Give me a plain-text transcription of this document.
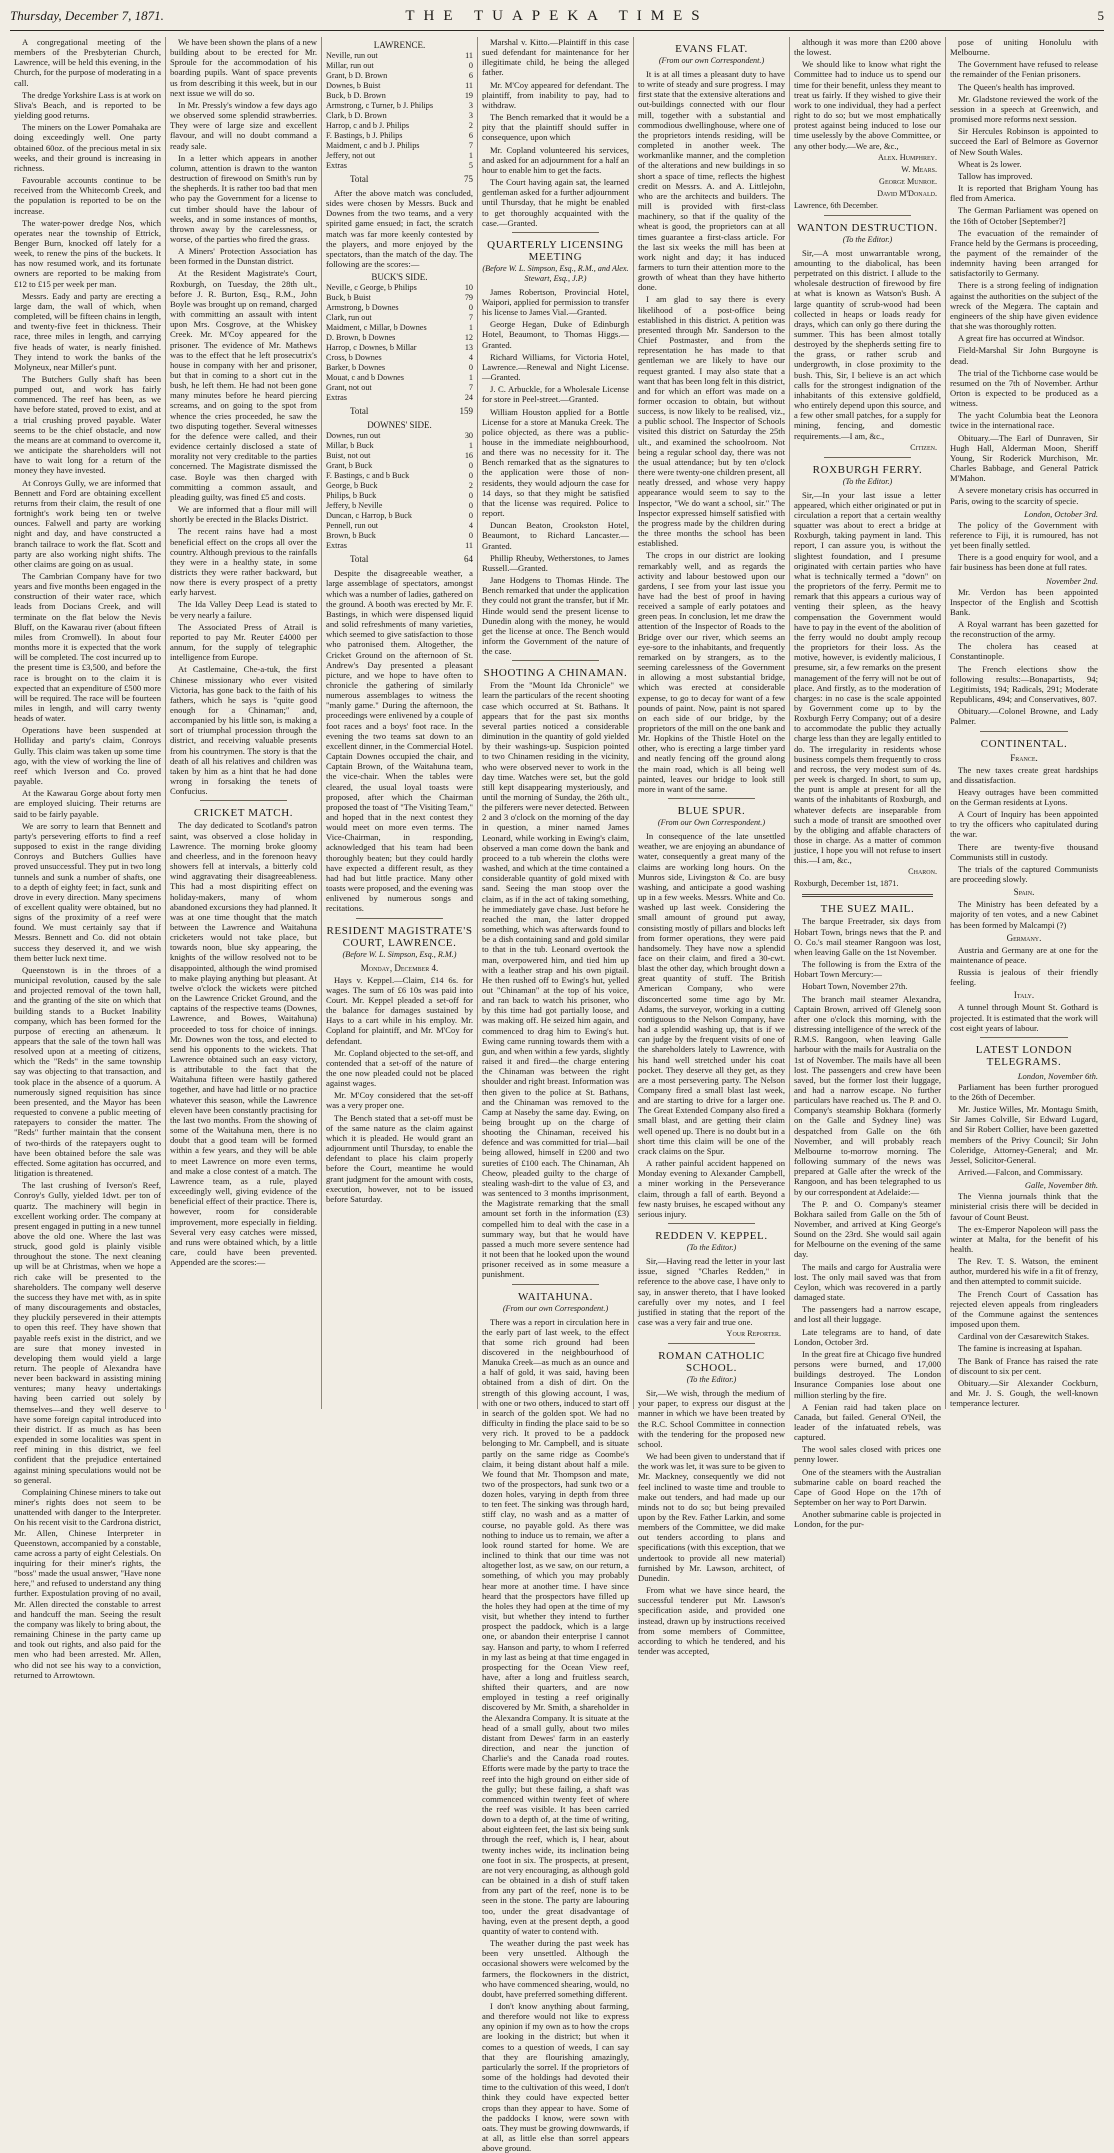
Thursday, December 7, 1871.	THE TUAPEKA TIMES	5

A congregational meeting of the members of the Presbyterian Church, Lawrence, will be held this evening, in the Church, for the purpose of moderating in a call.

The dredge Yorkshire Lass is at work on Sliva's Beach, and is reported to be yielding good returns.

The miners on the Lower Pomahaka are doing exceedingly well. One party obtained 60oz. of the precious metal in six weeks, and their ground is increasing in richness.

Favourable accounts continue to be received from the Whitecomb Creek, and the population is reported to be on the increase.

The water-power dredge Nos, which operates near the township of Ettrick, Benger Burn, knocked off lately for a week, to renew the pins of the buckets. It has now resumed work, and its fortunate owners are reported to be making from £12 to £15 per week per man.

Messrs. Eady and party are erecting a large dam, the wall of which, when completed, will be fifteen chains in length, and twenty-five feet in thickness. Their race, three miles in length, and carrying five heads of water, is nearly finished. They intend to work the banks of the Molyneux, near Miller's punt.

The Butchers Gully shaft has been pumped out, and work has fairly commenced. The reef has been, as we have before stated, proved to exist, and at a trial crushing proved payable. Water seems to be the chief obstacle, and now the means are at command to overcome it, we anticipate the shareholders will not have to wait long for a return of the money they have invested.

At Conroys Gully, we are informed that Bennett and Ford are obtaining excellent returns from their claim, the result of one fortnight's work being ten or twelve ounces. Falwell and party are working night and day, and have constructed a branch tailrace to work the flat. Scott and party are also working night shifts. The other claims are going on as usual.

The Cambrian Company have for two years and five months been engaged in the construction of their water race, which leads from Docians Creek, and will terminate on the flat below the Nevis Bluff, on the Kawarau river (about fifteen miles from Cromwell). In about four months more it is expected that the work will be completed. The cost incurred up to the present time is £3,500, and before the race is brought on to the claim it is expected that an expenditure of £500 more will be required. The race will be fourteen miles in length, and will carry twenty heads of water.

Operations have been suspended at Holliday and party's claim, Conroys Gully. This claim was taken up some time ago, with the view of working the line of reef which Iverson and Co. proved payable.

At the Kawarau Gorge about forty men are employed sluicing. Their returns are said to be fairly payable.

We are sorry to learn that Bennett and party's persevering efforts to find a reef supposed to exist in the range dividing Conroys and Butchers Gullies have proved unsuccessful. They put in two long tunnels and sunk a number of shafts, one to a depth of eighty feet; in fact, sunk and drove in every direction. Many specimens of excellent quality were obtained, but no signs of the proximity of a reef were found. We must certainly say that if Messrs. Bennett and Co. did not obtain success they deserved it, and we wish them better luck next time.

Queenstown is in the throes of a municipal revolution, caused by the sale and projected removal of the town hall, and the granting of the site on which that building stands to a Bucket Inability company, which has been formed for the purpose of erecting an athenæum. It appears that the sale of the town hall was resolved upon at a meeting of citizens, which the "Reds" in the same township say was objecting to that transaction, and took place in the absence of a quorum. A numerously signed requisition has since been presented, and the Mayor has been requested to convene a public meeting of ratepayers to consider the matter. The "Reds" further maintain that the consent of two-thirds of the ratepayers ought to have been obtained before the sale was effected. Some agitation has occurred, and litigation is threatened.

The last crushing of Iverson's Reef, Conroy's Gully, yielded 1dwt. per ton of quartz. The machinery will begin in excellent working order. The company at present engaged in putting in a new tunnel above the old one. Where the last was struck, good gold is plainly visible throughout the stone. The next cleaning up will be at Christmas, when we hope a rich cake will be presented to the shareholders. The company well deserve the success they have met with, as in spite of many discouragements and obstacles, they pluckily persevered in their attempts to open this reef. They have shown that payable reefs exist in the district, and we are sure that money invested in developing them would yield a large return. The people of Alexandra have never been backward in assisting mining ventures; many heavy undertakings having been carried out solely by themselves—and they well deserve to have some foreign capital introduced into their district. If as much as has been expended in some localities was spent in reef mining in this district, we feel confident that the prejudice entertained against mining speculations would not be so general.

Complaining Chinese miners to take out miner's rights does not seem to be unattended with danger to the Interpreter. On his recent visit to the Cardrona district, Mr. Allen, Chinese Interpreter in Queenstown, accompanied by a constable, came across a party of eight Celestials. On inquiring for their miner's rights, the "boss" made the usual answer, "Have none here," and refused to understand any thing further. Expostulation proving of no avail, Mr. Allen directed the constable to arrest and handcuff the man. Seeing the result the company was likely to bring about, the remaining Chinese in the party came up and took out rights, and also paid for the men who had been arrested. Mr. Allen, who did not see his way to a conviction, returned to Arrowtown.

We have been shown the plans of a new building about to be erected for Mr. Sproule for the accommodation of his boarding pupils. Want of space prevents us from describing it this week, but in our next issue we will do so.

In Mr. Pressly's window a few days ago we observed some splendid strawberries. They were of large size and excellent flavour, and will no doubt command a ready sale.

In a letter which appears in another column, attention is drawn to the wanton destruction of firewood on Smith's run by the shepherds. It is rather too bad that men who pay the Government for a license to cut timber should have the labour of weeks, and in some instances of months, thrown away by the carelessness, or worse, of the parties who fired the grass.

A Miners' Protection Association has been formed in the Dunstan district.

At the Resident Magistrate's Court, Roxburgh, on Tuesday, the 28th ult., before J. R. Burton, Esq., R.M., John Boyle was brought up on remand, charged with committing an assault with intent upon Mrs. Cosgrove, at the Whiskey Creek. Mr. M'Coy appeared for the prisoner. The evidence of Mr. Mathews was to the effect that he left prosecutrix's house in company with her and prisoner, but that in coming to a short cut in the bush, he left them. He had not been gone many minutes before he heard piercing screams, and on going to the spot from whence the cries proceeded, he saw the two disputing together. Several witnesses for the defence were called, and their evidence certainly disclosed a state of morality not very creditable to the parties concerned. The Magistrate dismissed the case. Boyle was then charged with committing a common assault, and pleading guilty, was fined £5 and costs.

We are informed that a flour mill will shortly be erected in the Blacks District.

The recent rains have had a most beneficial effect on the crops all over the country. Although previous to the rainfalls they were in a healthy state, in some districts they were rather backward, but now there is every prospect of a pretty early harvest.

The Ida Valley Deep Lead is stated to be very nearly a failure.

The Associated Press of Atrail is reported to pay Mr. Reuter £4000 per annum, for the supply of telegraphic intelligence from Europe.

At Castlemaine, Che-a-tuk, the first Chinese missionary who ever visited Victoria, has gone back to the faith of his fathers, which he says is "quite good enough for a Chinaman;" and, accompanied by his little son, is making a sort of triumphal procession through the district, and receiving valuable presents from his countrymen. The story is that the death of all his relatives and children was taken by him as a hint that he had done wrong in forsaking the tenets of Confucius.

CRICKET MATCH.

The day dedicated to Scotland's patron saint, was observed a close holiday in Lawrence. The morning broke gloomy and cheerless, and in the forenoon heavy showers fell at intervals, a bitterly cold wind aggravating their disagreeableness. This had a most dispiriting effect on holiday-makers, many of whom abandoned excursions they had planned. It was at one time thought that the match between the Lawrence and Waitahuna cricketers would not take place, but towards noon, blue sky appearing, the knights of the willow resolved not to be disappointed, although the wind promised to make playing anything but pleasant. At twelve o'clock the wickets were pitched on the Lawrence Cricket Ground, and the captains of the respective teams (Downes, Lawrence, and Bowes, Waitahuna) proceeded to toss for choice of innings. Mr. Downes won the toss, and elected to send his opponents to the wickets. That Lawrence obtained such an easy victory, is attributable to the fact that the Waitahuna fifteen were hastily gathered together, and have had little or no practice whatever this season, while the Lawrence eleven have been constantly practising for the last two months. From the showing of some of the Waitahuna men, there is no doubt that a good team will be formed within a few years, and they will be able to meet Lawrence on more even terms, and make a close contest of a match. The Lawrence team, as a rule, played exceedingly well, giving evidence of the beneficial effect of their practice. There is, however, room for considerable improvement, more especially in fielding. Several very easy catches were missed, and runs were obtained which, by a little care, could have been prevented. Appended are the scores:—

LAWRENCE.
Neville, run out	11
Millar, run out	0
Grant, b D. Brown	6
Downes, b Buist	11
Buck, b D. Brown	19
Armstrong, c Turner, b J. Philips	3
Clark, b D. Brown	3
Harrop, c and b J. Philips	2
F. Bastings, b J. Philips	6
Maidment, c and b J. Philips	7
Jeffery, not out	1
Extras	5
Total	75

After the above match was concluded, sides were chosen by Messrs. Buck and Downes from the two teams, and a very spirited game ensued; in fact, the scratch match was far more keenly contested by the players, and more enjoyed by the spectators, than the match of the day. The following are the scores:—

BUCK'S SIDE.
Neville, c George, b Philips	10
Buck, b Buist	79
Armstrong, b Downes	0
Clark, run out	7
Maidment, c Millar, b Downes	1
D. Brown, b Downes	12
Harrop, c Downes, b Millar	13
Cross, b Downes	4
Barker, b Downes	0
Mouat, c and b Downes	1
Grant, not out	7
Extras	24
Total	159
DOWNES' SIDE.
Downes, run out	30
Millar, b Buck	1
Buist, not out	16
Grant, b Buck	0
F. Bastings, c and b Buck	0
George, b Buck	2
Philips, b Buck	0
Jeffery, b Neville	0
Duncan, c Harrop, b Buck	0
Pennell, run out	4
Brown, b Buck	0
Extras	11
Total	64

Despite the disagreeable weather, a large assemblage of spectators, amongst which was a number of ladies, gathered on the ground. A booth was erected by Mr. F. Bastings, in which were dispensed liquid and solid refreshments of many varieties, which seemed to give satisfaction to those who patronised them. Altogether, the Cricket Ground on the afternoon of St. Andrew's Day presented a pleasant picture, and we hope to have often to chronicle the gathering of similarly numerous assemblages to witness the "manly game." During the afternoon, the proceedings were enlivened by a couple of foot races and a boys' foot race. In the evening the two teams sat down to an excellent dinner, in the Commercial Hotel. Captain Downes occupied the chair, and Captain Brown, of the Waitahuna team, the vice-chair. When the tables were cleared, the usual loyal toasts were proposed, after which the Chairman proposed the toast of "The Visiting Team," and hoped that in the next contest they would meet on more even terms. The Vice-Chairman, in responding, acknowledged that his team had been thoroughly beaten; but they could hardly have expected a different result, as they had had but little practice. Many other toasts were proposed, and the evening was enlivened by numerous songs and recitations.

RESIDENT MAGISTRATE'S COURT, LAWRENCE.
(Before W. L. Simpson, Esq., R.M.)
Monday, December 4.

Hays v. Keppel.—Claim, £14 6s. for wages. The sum of £6 10s was paid into Court. Mr. Keppel pleaded a set-off for the balance for damages sustained by Hays to a cart while in his employ. Mr. Copland for plaintiff, and Mr. M'Coy for defendant.

Mr. Copland objected to the set-off, and contended that a set-off of the nature of the one now pleaded could not be placed against wages.

Mr. M'Coy considered that the set-off was a very proper one.

The Bench stated that a set-off must be of the same nature as the claim against which it is pleaded. He would grant an adjournment until Thursday, to enable the defendant to place his claim properly before the Court, meantime he would grant judgment for the amount with costs, execution, however, not to be issued before Saturday.

Marshal v. Kitto.—Plaintiff in this case sued defendant for maintenance for her illegitimate child, he being the alleged father.

Mr. M'Coy appeared for defendant. The plaintiff, from inability to pay, had to withdraw.

The Bench remarked that it would be a pity that the plaintiff should suffer in consequence, upon which

Mr. Copland volunteered his services, and asked for an adjournment for a half an hour to enable him to get the facts.

The Court having again sat, the learned gentleman asked for a further adjournment until Thursday, that he might be enabled to get thoroughly acquainted with the case.—Granted.

QUARTERLY LICENSING MEETING
(Before W. L. Simpson, Esq., R.M., and Alex. Stewart, Esq., J.P.)

James Robertson, Provincial Hotel, Waipori, applied for permission to transfer his license to James Vial.—Granted.

George Hegan, Duke of Edinburgh Hotel, Beaumont, to Thomas Higgs.—Granted.

Richard Williams, for Victoria Hotel, Lawrence.—Renewal and Night License.—Granted.

J. C. Arbuckle, for a Wholesale License for store in Peel-street.—Granted.

William Houston applied for a Bottle License for a store at Manuka Creek. The police objected, as there was a public-house in the immediate neighbourhood, and there was no necessity for it. The Bench remarked that as the signatures to the application were those of non-residents, they would adjourn the case for 14 days, so that they might be satisfied that the license was required. Police to report.

Duncan Beaton, Crookston Hotel, Beaumont, to Richard Lancaster.—Granted.

Phillip Rheuby, Wetherstones, to James Russell.—Granted.

Jane Hodgens to Thomas Hinde. The Bench remarked that under the application they could not grant the transfer, but if Mr. Hinde would send the present license to Dunedin along with the money, he would get the license at once. The Bench would inform the Government of the nature of the case.

SHOOTING A CHINAMAN.

From the "Mount Ida Chronicle" we learn the particulars of the recent shooting case which occurred at St. Bathans. It appears that for the past six months several parties noticed a considerable diminution in the quantity of gold yielded by their washings-up. Suspicion pointed to two Chinamen residing in the vicinity, who were observed never to work in the day time. Watches were set, but the gold still kept disappearing mysteriously, and until the morning of Sunday, the 26th ult., the pilferers were never detected. Between 2 and 3 o'clock on the morning of the day in question, a miner named James Leonard, while working in Ewing's claim, observed a man come down the bank and proceed to a tub wherein the cloths were washed, and which at the time contained a considerable quantity of gold mixed with sand. Seeing the man stoop over the claim, as if in the act of taking something, he immediately gave chase. Just before he reached the man, the latter dropped something, which was afterwards found to be a dish containing sand and gold similar to that in the tub. Leonard overtook the man, overpowered him, and tied him up with a leather strap and his own pigtail. He then rushed off to Ewing's hut, yelled out "Chinaman" at the top of his voice, and ran back to watch his prisoner, who by this time had got partially loose, and was making off. He seized him again, and commenced to drag him to Ewing's hut. Ewing came running towards them with a gun, and when within a few yards, slightly raised it and fired—the charge entering the Chinaman was between the right shoulder and right breast. Information was then given to the police at St. Bathans, and the Chinaman was removed to the Camp at Naseby the same day. Ewing, on being brought up on the charge of shooting the Chinaman, received his defence and was committed for trial—bail being allowed, himself in £200 and two sureties of £100 each. The Chinaman, Ah Cheow, pleaded guilty to the charge of stealing wash-dirt to the value of £3, and was sentenced to 3 months imprisonment, the Magistrate remarking that the small amount set forth in the information (£3) compelled him to deal with the case in a summary way, but that he would have passed a much more severe sentence had it not been that he looked upon the wound prisoner received as in some measure a punishment.

WAITAHUNA.
(From our own Correspondent.)

There was a report in circulation here in the early part of last week, to the effect that some rich ground had been discovered in the neighbourhood of Manuka Creek—as much as an ounce and a half of gold, it was said, having been obtained from a dish of dirt. On the strength of this glowing account, I was, with one or two others, induced to start off in search of the golden spot. We had no difficulty in finding the place said to be so very rich. It proved to be a paddock belonging to Mr. Campbell, and is situate partly on the same ridge as Coombe's claim, it being distant about half a mile. We found that Mr. Thompson and mate, two of the prospectors, had sunk two or a dozen holes, varying in depth from three to ten feet. The sinking was through hard, stiff clay, no wash and as a matter of course, no payable gold. As there was nothing to induce us to remain, we after a look round started for home. We are inclined to think that our time was not altogether lost, as we saw, on our return, a something, of which you may probably hear more at another time. I have since heard that the prospectors have filled up the holes they had open at the time of my visit, but whether they intend to further prospect the paddock, which is a large one, or abandon their enterprise I cannot say. Hanson and party, to whom I referred in my last as being at that time engaged in prospecting for the Ocean View reef, have, after a long and fruitless search, shifted their quarters, and are now employed in testing a reef originally discovered by Mr. Smith, a shareholder in the Alexandra Company. It is situate at the head of a small gully, about two miles distant from Dewes' farm in an easterly direction, and near the junction of Charlie's and the Canada road routes. Efforts were made by the party to trace the reef into the high ground on either side of the gully; but these failing, a shaft was commenced within twenty feet of where the reef was visible. It has been carried down to a depth of, at the time of writing, about eighteen feet, the last six being sunk through the reef, which is, I hear, about twenty inches wide, its inclination being one foot in six. The prospects, at present, are not very encouraging, as although gold can be obtained in a dish of stuff taken from any part of the reef, none is to be seen in the stone. The party are labouring too, under the great disadvantage of having, even at the present depth, a good quantity of water to contend with.

The weather during the past week has been very unsettled. Although the occasional showers were welcomed by the farmers, the flockowners in the district, who have commenced shearing, would, no doubt, have preferred something different.

I don't know anything about farming, and therefore would not like to express any opinion if my own as to how the crops are looking in the district; but when it comes to a question of weeds, I can say that they are flourishing amazingly, particularly the sorrel. If the proprietors of some of the holdings had devoted their time to the cultivation of this weed, I don't think they could have expected better crops than they appear to have. Some of the paddocks I know, were sown with oats. They must be growing downwards, if at all, as little else than sorrel appears above ground.

EVANS FLAT.
(From our own Correspondent.)

It is at all times a pleasant duty to have to write of steady and sure progress. I may first state that the extensive alterations and out-buildings connected with our flour mill, together with a substantial and commodious dwellinghouse, where one of the proprietors intends residing, will be completed in another week. The workmanlike manner, and the completion of the alterations and new buildings in so short a space of time, reflects the highest credit on Messrs. A. and A. Littlejohn, who are the architects and builders. The mill is provided with first-class machinery, so that if the quality of the wheat is good, the proprietors can at all times guarantee a first-class article. For the last six weeks the mill has been at work night and day; it has induced farmers to turn their attention more to the growth of wheat than they have hitherto done.

I am glad to say there is every likelihood of a post-office being established in this district. A petition was presented through Mr. Sanderson to the Chief Postmaster, and from the representation he has made to that gentleman we are likely to have our request granted. I may also state that a want that has been long felt in this district, and for which an effort was made on a former occasion to obtain, but without success, is now likely to be realised, viz., a public school. The Inspector of Schools visited this district on Saturday the 25th ult., and examined the schoolroom. Not being a regular school day, there was not the usual attendance; but by ten o'clock there were twenty-one children present, all neatly dressed, and whose very happy appearance would seem to say to the Inspector, "We do want a school, sir." The Inspector expressed himself satisfied with the progress made by the children during the three months the school has been established.

The crops in our district are looking remarkably well, and as regards the activity and labour bestowed upon our gardens, I see from your last issue you have had the best of proof in having received a sample of early potatoes and green peas. In conclusion, let me draw the attention of the Inspector of Roads to the Bridge over our river, which seems an eye-sore to the inhabitants, and frequently remarked on by strangers, as to the seeming carelessness of the Government in allowing a most substantial bridge, which was erected at considerable expense, to go to decay for want of a few pounds of paint. Now, paint is not spared on each side of our bridge, by the proprietors of the mill on the one bank and Mr. Hopkins of the Thistle Hotel on the other, who is erecting a large timber yard and neatly fencing off the ground along the main road, which is all being well painted, leaves our bridge to look still more in want of the same.

BLUE SPUR.
(From our Own Correspondent.)

In consequence of the late unsettled weather, we are enjoying an abundance of water, consequently a great many of the claims are working long hours. On the Munros side, Livingston & Co. are busy washing, and anticipate a good washing up in a few weeks. Messrs. White and Co. washed up last week. Considering the small amount of ground put away, consisting mostly of pillars and blocks left from former operations, they were paid handsomely. They have now a splendid face on their claim, and fired a 30-cwt. blast the other day, which brought down a great quantity of stuff. The British American Company, who were disconcerted some time ago by Mr. Adams, the surveyor, working in a cutting contiguous to the Nelson Company, have had a splendid washing up, that is if we can judge by the frequent visits of one of the shareholders lately to Lawrence, with his hand well stretched under his coat pocket. They deserve all they get, as they are a most persevering party. The Nelson Company fired a small blast last week, and are starting to drive for a larger one. The Great Extended Company also fired a small blast, and are getting their claim well opened up. There is no doubt but in a short time this claim will be one of the crack claims on the Spur.

A rather painful accident happened on Monday evening to Alexander Campbell, a miner working in the Perseverance claim, through a fall of earth. Beyond a few nasty bruises, he escaped without any serious injury.

REDDEN V. KEPPEL.
(To the Editor.)

Sir,—Having read the letter in your last issue, signed "Charles Redden," in reference to the above case, I have only to say, in answer thereto, that I have looked carefully over my notes, and I feel justified in stating that the report of the case was a very fair and true one.

Your Reporter.
ROMAN CATHOLIC SCHOOL.
(To the Editor.)

Sir,—We wish, through the medium of your paper, to express our disgust at the manner in which we have been treated by the R.C. School Committee in connection with the tendering for the proposed new school.

We had been given to understand that if the work was let, it was sure to be given to Mr. Mackney, consequently we did not feel inclined to waste time and trouble to make out tenders, and had made up our minds not to do so; but being prevailed upon by the Rev. Father Larkin, and some members of the Committee, we did make out tenders according to plans and specifications (with this exception, that we undertook to provide all new material) furnished by Mr. Lawson, architect, of Dunedin.

From what we have since heard, the successful tenderer put Mr. Lawson's specification aside, and provided one instead, drawn up by instructions received from some members of Committee, according to which he tendered, and his tender was accepted,

although it was more than £200 above the lowest.

We should like to know what right the Committee had to induce us to spend our time for their benefit, unless they meant to treat us fairly. If they wished to give their work to one individual, they had a perfect right to do so; but we most emphatically protest against being induced to lose our time uselessly by the above Committee, or any other body.—We are, &c.,

Alex. Humphrey.
W. Mears.
George Munroe.
David M'Donald.
Lawrence, 6th December.
WANTON DESTRUCTION.
(To the Editor.)

Sir,—A most unwarrantable wrong, amounting to the diabolical, has been perpetrated on this district. I allude to the wholesale destruction of firewood by fire at what is known as Watson's Bush. A large quantity of scrub-wood had been collected in heaps or loads ready for drays, which can only go there during the summer. This has been almost totally destroyed by the shepherds setting fire to the grass, or rather scrub and undergrowth, in close proximity to the bush. This, Sir, I believe is an act which calls for the strongest indignation of the inhabitants of this extensive goldfield, who entirely depend upon this source, and a few other small patches, for a supply for mining, fencing, and domestic requirements.—I am, &c.,

Citizen.
ROXBURGH FERRY.
(To the Editor.)

Sir,—In your last issue a letter appeared, which either originated or put in circulation a report that a certain wealthy squatter was about to erect a bridge at Roxburgh, taking payment in land. This report, I can assure you, is without the slightest foundation, and I presume originated with certain parties who have what is technically termed a "down" on the proprietors of the ferry. Permit me to remark that this appears a curious way of venting their spleen, as the heavy compensation the Government would have to pay in the event of the abolition of the ferry would no doubt amply recoup the proprietors for their loss. As the motive, however, is evidently malicious, I presume, sir, a few remarks on the present management of the ferry will not be out of place. And firstly, as to the moderation of charges: in no case is the scale appointed by Government come up to by the Roxburgh Ferry Company; out of a desire to accommodate the public they actually charge less than they are legally entitled to do. The irregularity in residents whose business compels them frequently to cross and recross, the very modest sum of 4s. per week is charged. In short, to sum up, the punt is ample at present for all the wants of the inhabitants of Roxburgh, and whatever defects are inseparable from such a mode of transit are smoothed over by the obliging and affable characters of those in charge. As a matter of common justice, I hope you will not refuse to insert this.—I am, &c.,

Charon.
Roxburgh, December 1st, 1871.
THE SUEZ MAIL.

The barque Freetrader, six days from Hobart Town, brings news that the P. and O. Co.'s mail steamer Rangoon was lost, when leaving Galle on the 1st November.

The following is from the Extra of the Hobart Town Mercury:—

Hobart Town, November 27th.

The branch mail steamer Alexandra, Captain Brown, arrived off Glenelg soon after one o'clock this morning, with the distressing intelligence of the wreck of the R.M.S. Rangoon, when leaving Galle harbour with the mails for Australia on the 1st of November. The mails have all been lost. The passengers and crew have been saved, but the former lost their luggage, and had a narrow escape. No further particulars have reached us. The P. and O. Company's steamship Bokhara (formerly on the Galle and Sydney line) was despatched from Galle on the 6th November, and will probably reach Melbourne to-morrow morning. The following summary of the news was prepared at Galle after the wreck of the Rangoon, and has been telegraphed to us by our correspondent at Adelaide:—

The P. and O. Company's steamer Bokhara sailed from Galle on the 5th of November, and arrived at King George's Sound on the 23rd. She would sail again for Melbourne on the evening of the same day.

The mails and cargo for Australia were lost. The only mail saved was that from Ceylon, which was recovered in a partly damaged state.

The passengers had a narrow escape, and lost all their luggage.

Late telegrams are to hand, of date London, October 3rd.

In the great fire at Chicago five hundred persons were burned, and 17,000 buildings destroyed. The London Insurance Companies lose about one million sterling by the fire.

A Fenian raid had taken place on Canada, but failed. General O'Neil, the leader of the infatuated rebels, was captured.

The wool sales closed with prices one penny lower.

One of the steamers with the Australian submarine cable on board reached the Cape of Good Hope on the 17th of September on her way to Port Darwin.

Another submarine cable is projected in London, for the pur-

pose of uniting Honolulu with Melbourne.

The Government have refused to release the remainder of the Fenian prisoners.

The Queen's health has improved.

Mr. Gladstone reviewed the work of the session in a speech at Greenwich, and promised more reforms next session.

Sir Hercules Robinson is appointed to succeed the Earl of Belmore as Governor of New South Wales.

Wheat is 2s lower.

Tallow has improved.

It is reported that Brigham Young has fled from America.

The German Parliament was opened on the 16th of October [September?]

The evacuation of the remainder of France held by the Germans is proceeding, the payment of the remainder of the indemnity having been arranged for satisfactorily to Germany.

There is a strong feeling of indignation against the authorities on the subject of the wreck of the Megæra. The captain and engineers of the ship have given evidence that she was thoroughly rotten.

A great fire has occurred at Windsor.

Field-Marshal Sir John Burgoyne is dead.

The trial of the Tichborne case would be resumed on the 7th of November. Arthur Orton is expected to be produced as a witness.

The yacht Columbia beat the Leonora twice in the international race.

Obituary.—The Earl of Dunraven, Sir Hugh Hall, Alderman Moon, Sheriff Young, Sir Roderick Murchison, Mr. Charles Babbage, and General Patrick M'Mahon.

A severe monetary crisis has occurred in Paris, owing to the scarcity of specie.

London, October 3rd.

The policy of the Government with reference to Fiji, it is rumoured, has not yet been finally settled.

There is a good enquiry for wool, and a fair business has been done at full rates.

November 2nd.

Mr. Verdon has been appointed Inspector of the English and Scottish Bank.

A Royal warrant has been gazetted for the reconstruction of the army.

The cholera has ceased at Constantinople.

The French elections show the following results:—Bonapartists, 94; Legitimists, 194; Radicals, 291; Moderate Republicans, 494; and Conservatives, 807.

Obituary.—Colonel Browne, and Lady Palmer.

CONTINENTAL.
France.

The new taxes create great hardships and dissatisfaction.

Heavy outrages have been committed on the German residents at Lyons.

A Court of Inquiry has been appointed to try the officers who capitulated during the war.

There are twenty-five thousand Communists still in custody.

The trials of the captured Communists are proceeding slowly.

Spain.

The Ministry has been defeated by a majority of ten votes, and a new Cabinet has been formed by Malcampi (?)

Germany.

Austria and Germany are at one for the maintenance of peace.

Russia is jealous of their friendly feeling.

Italy.

A tunnel through Mount St. Gothard is projected. It is estimated that the work will cost eight years of labour.

LATEST LONDON TELEGRAMS.
London, November 6th.

Parliament has been further prorogued to the 26th of December.

Mr. Justice Willes, Mr. Montagu Smith, Sir James Colville, Sir Edward Lugard, and Sir Robert Collier, have been gazetted members of the Privy Council; Sir John Coleridge, Attorney-General; and Mr. Jessel, Solicitor-General.

Arrived.—Falcon, and Commissary.

Galle, November 8th.

The Vienna journals think that the ministerial crisis there will be decided in favour of Count Beust.

The ex-Emperor Napoleon will pass the winter at Malta, for the benefit of his health.

The Rev. T. S. Watson, the eminent author, murdered his wife in a fit of frenzy, and then attempted to commit suicide.

The French Court of Cassation has rejected eleven appeals from ringleaders of the Commune against the sentences imposed upon them.

Cardinal von der Cæsarewitch Stakes.

The famine is increasing at Ispahan.

The Bank of France has raised the rate of discount to six per cent.

Obituary.—Sir Alexander Cockburn, and Mr. J. S. Gough, the well-known temperance lecturer.
